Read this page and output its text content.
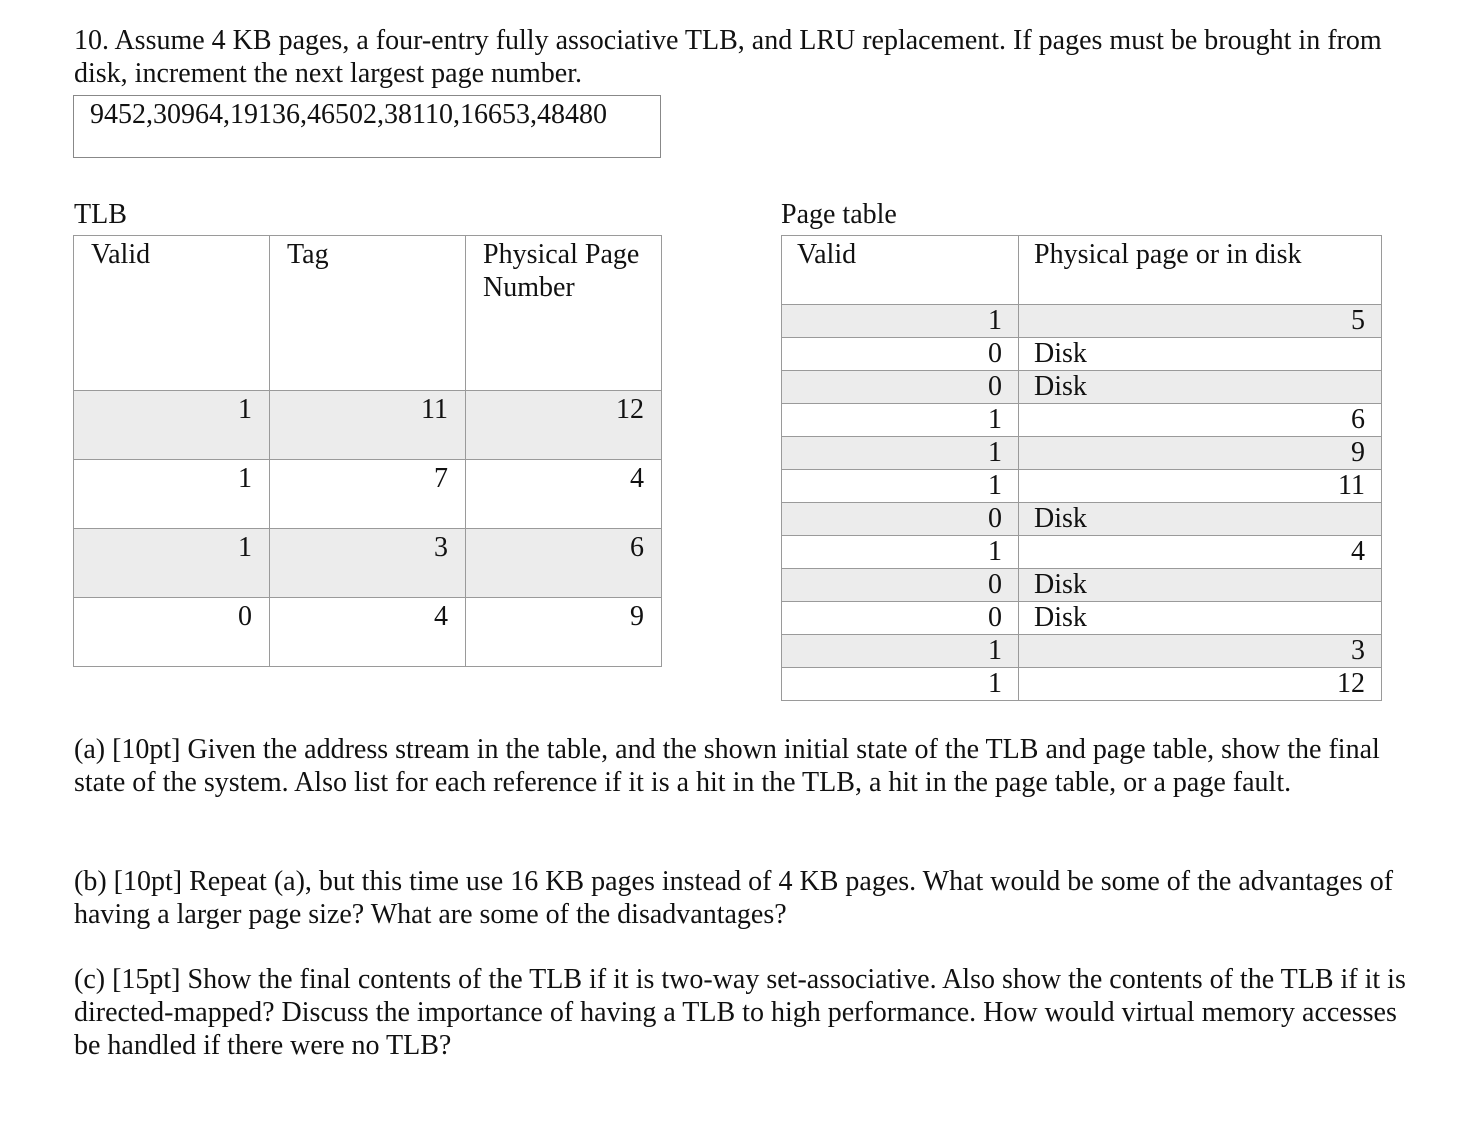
10. Assume 4 KB pages, a four-entry fully associative TLB, and LRU replacement. If pages must be brought in from disk, increment the next largest page number.

9452,30964,19136,46502,38110,16653,48480
TLB
Valid	Tag	Physical Page Number
1	11	12
1	7	4
1	3	6
0	4	9
Page table
Valid	Physical page or in disk
1	5
0	Disk
0	Disk
1	6
1	9
1	11
0	Disk
1	4
0	Disk
0	Disk
1	3
1	12

(a) [10pt] Given the address stream in the table, and the shown initial state of the TLB and page table, show the final state of the system. Also list for each reference if it is a hit in the TLB, a hit in the page table, or a page fault.

(b) [10pt] Repeat (a), but this time use 16 KB pages instead of 4 KB pages. What would be some of the advantages of having a larger page size? What are some of the disadvantages?

(c) [15pt] Show the final contents of the TLB if it is two-way set-associative. Also show the contents of the TLB if it is directed-mapped? Discuss the importance of having a TLB to high performance. How would virtual memory accesses be handled if there were no TLB?
